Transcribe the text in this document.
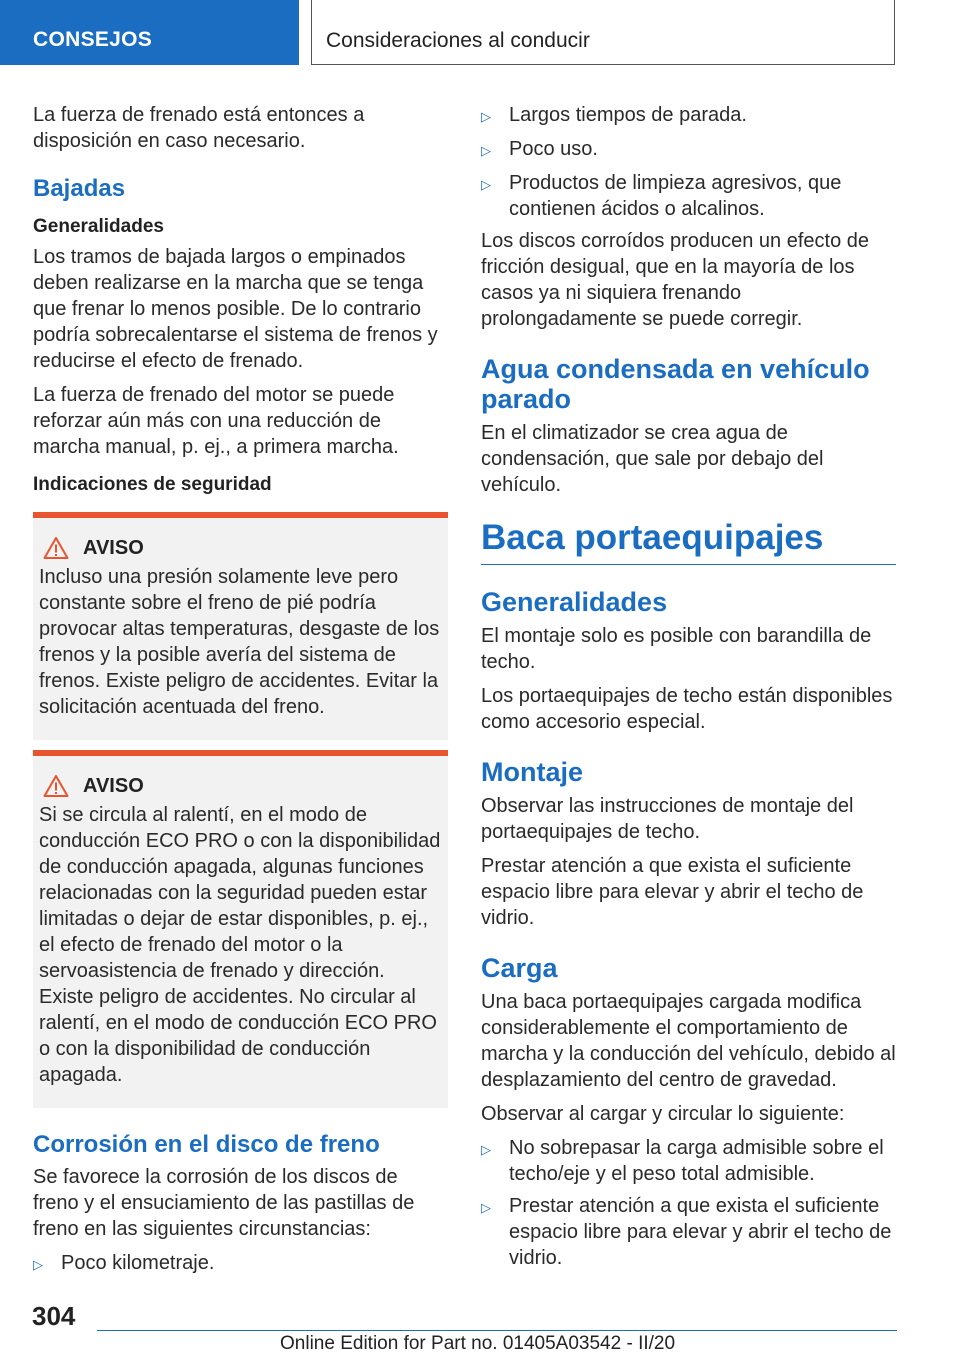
CONSEJOS	Consideraciones al conducir

La fuerza de frenado está entonces a disposición en caso necesario.

Bajadas
Generalidades

Los tramos de bajada largos o empinados deben realizarse en la marcha que se tenga que frenar lo menos posible. De lo contrario podría sobrecalentarse el sistema de frenos y reducirse el efecto de frenado.

La fuerza de frenado del motor se puede reforzar aún más con una reducción de marcha manual, p. ej., a primera marcha.

Indicaciones de seguridad
AVISO

Incluso una presión solamente leve pero constante sobre el freno de pié podría provocar altas temperaturas, desgaste de los frenos y la posible avería del sistema de frenos. Existe peligro de accidentes. Evitar la solicitación acentuada del freno.

AVISO

Si se circula al ralentí, en el modo de conducción ECO PRO o con la disponibilidad de conducción apagada, algunas funciones relacionadas con la seguridad pueden estar limitadas o dejar de estar disponibles, p. ej., el efecto de frenado del motor o la servoasistencia de frenado y dirección. Existe peligro de accidentes. No circular al ralentí, en el modo de conducción ECO PRO o con la disponibilidad de conducción apagada.

Corrosión en el disco de freno

Se favorece la corrosión de los discos de freno y el ensuciamiento de las pastillas de freno en las siguientes circunstancias:

▷ Poco kilometraje.
▷ Largos tiempos de parada.
▷ Poco uso.
▷ Productos de limpieza agresivos, que contienen ácidos o alcalinos.

Los discos corroídos producen un efecto de fricción desigual, que en la mayoría de los casos ya ni siquiera frenando prolongadamente se puede corregir.

Agua condensada en vehículo parado

En el climatizador se crea agua de condensación, que sale por debajo del vehículo.

Baca portaequipajes
Generalidades

El montaje solo es posible con barandilla de techo.

Los portaequipajes de techo están disponibles como accesorio especial.

Montaje

Observar las instrucciones de montaje del portaequipajes de techo.

Prestar atención a que exista el suficiente espacio libre para elevar y abrir el techo de vidrio.

Carga

Una baca portaequipajes cargada modifica considerablemente el comportamiento de marcha y la conducción del vehículo, debido al desplazamiento del centro de gravedad.

Observar al cargar y circular lo siguiente:

▷ No sobrepasar la carga admisible sobre el techo/eje y el peso total admisible.
▷ Prestar atención a que exista el suficiente espacio libre para elevar y abrir el techo de vidrio.
304
Online Edition for Part no. 01405A03542 - II/20
